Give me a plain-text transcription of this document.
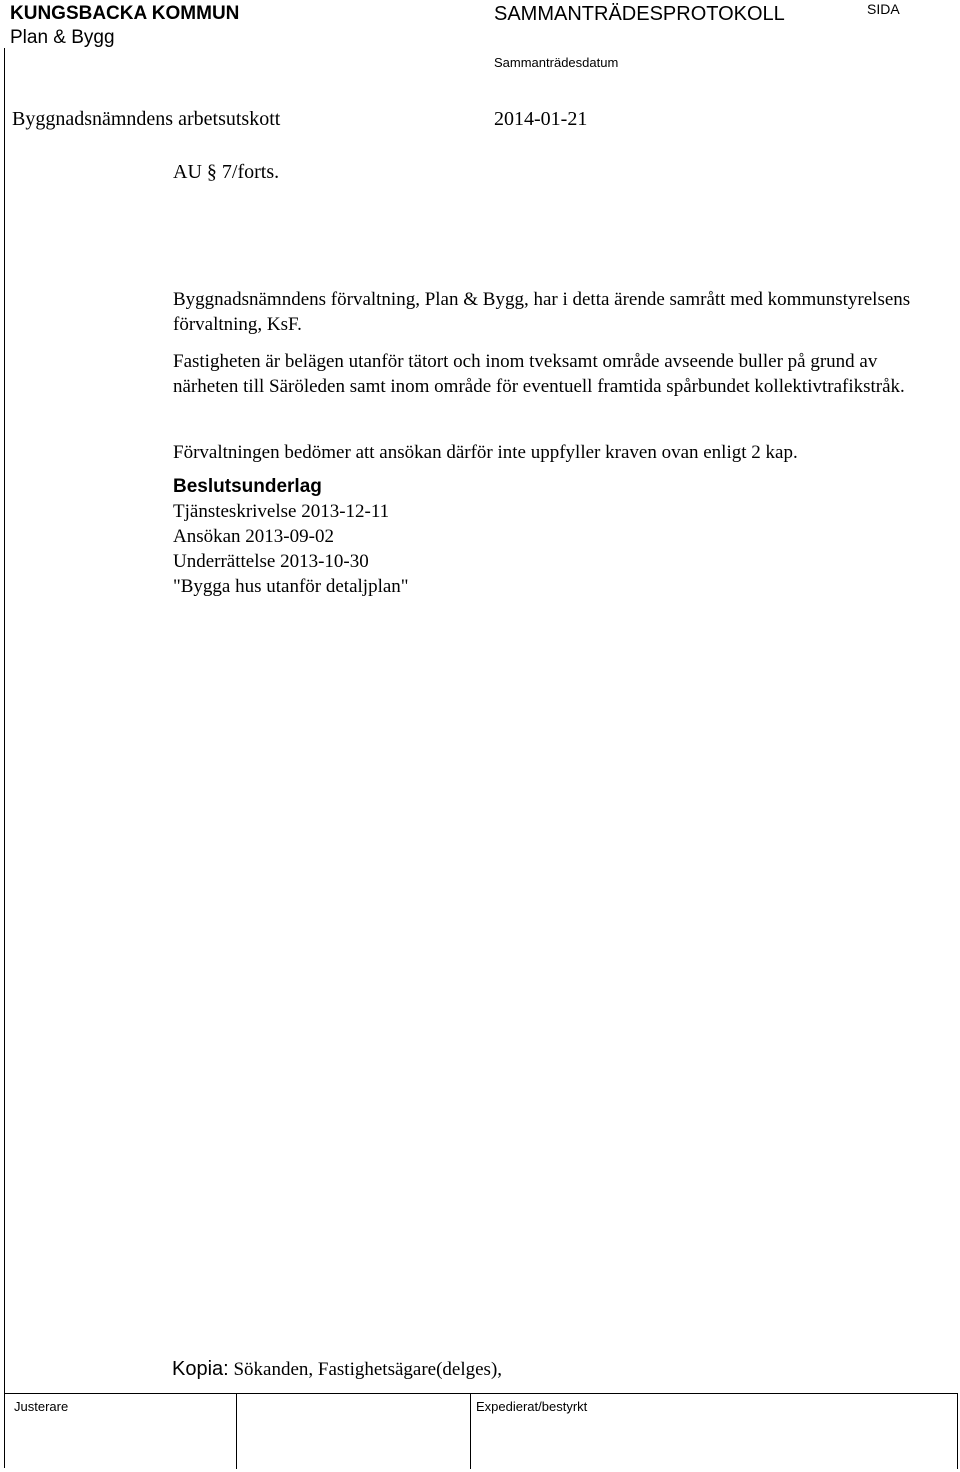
KUNGSBACKA KOMMUN
Plan & Bygg
SAMMANTRÄDESPROTOKOLL	SIDA
Sammanträdesdatum
Byggnadsnämndens arbetsutskott	2014-01-21
AU § 7/forts.

Byggnadsnämndens förvaltning, Plan & Bygg, har i detta ärende samrått med kommunstyrelsens förvaltning, KsF.

Fastigheten är belägen utanför tätort och inom tveksamt område avseende buller på grund av närheten till Säröleden samt inom område för eventuell framtida spårbundet kollektivtrafikstråk.

Förvaltningen bedömer att ansökan därför inte uppfyller kraven ovan enligt 2 kap.

Beslutsunderlag
Tjänsteskrivelse 2013-12-11
Ansökan 2013-09-02
Underrättelse 2013-10-30
"Bygga hus utanför detaljplan"
Kopia: Sökanden, Fastighetsägare(delges),
Justerare	Expedierat/bestyrkt
